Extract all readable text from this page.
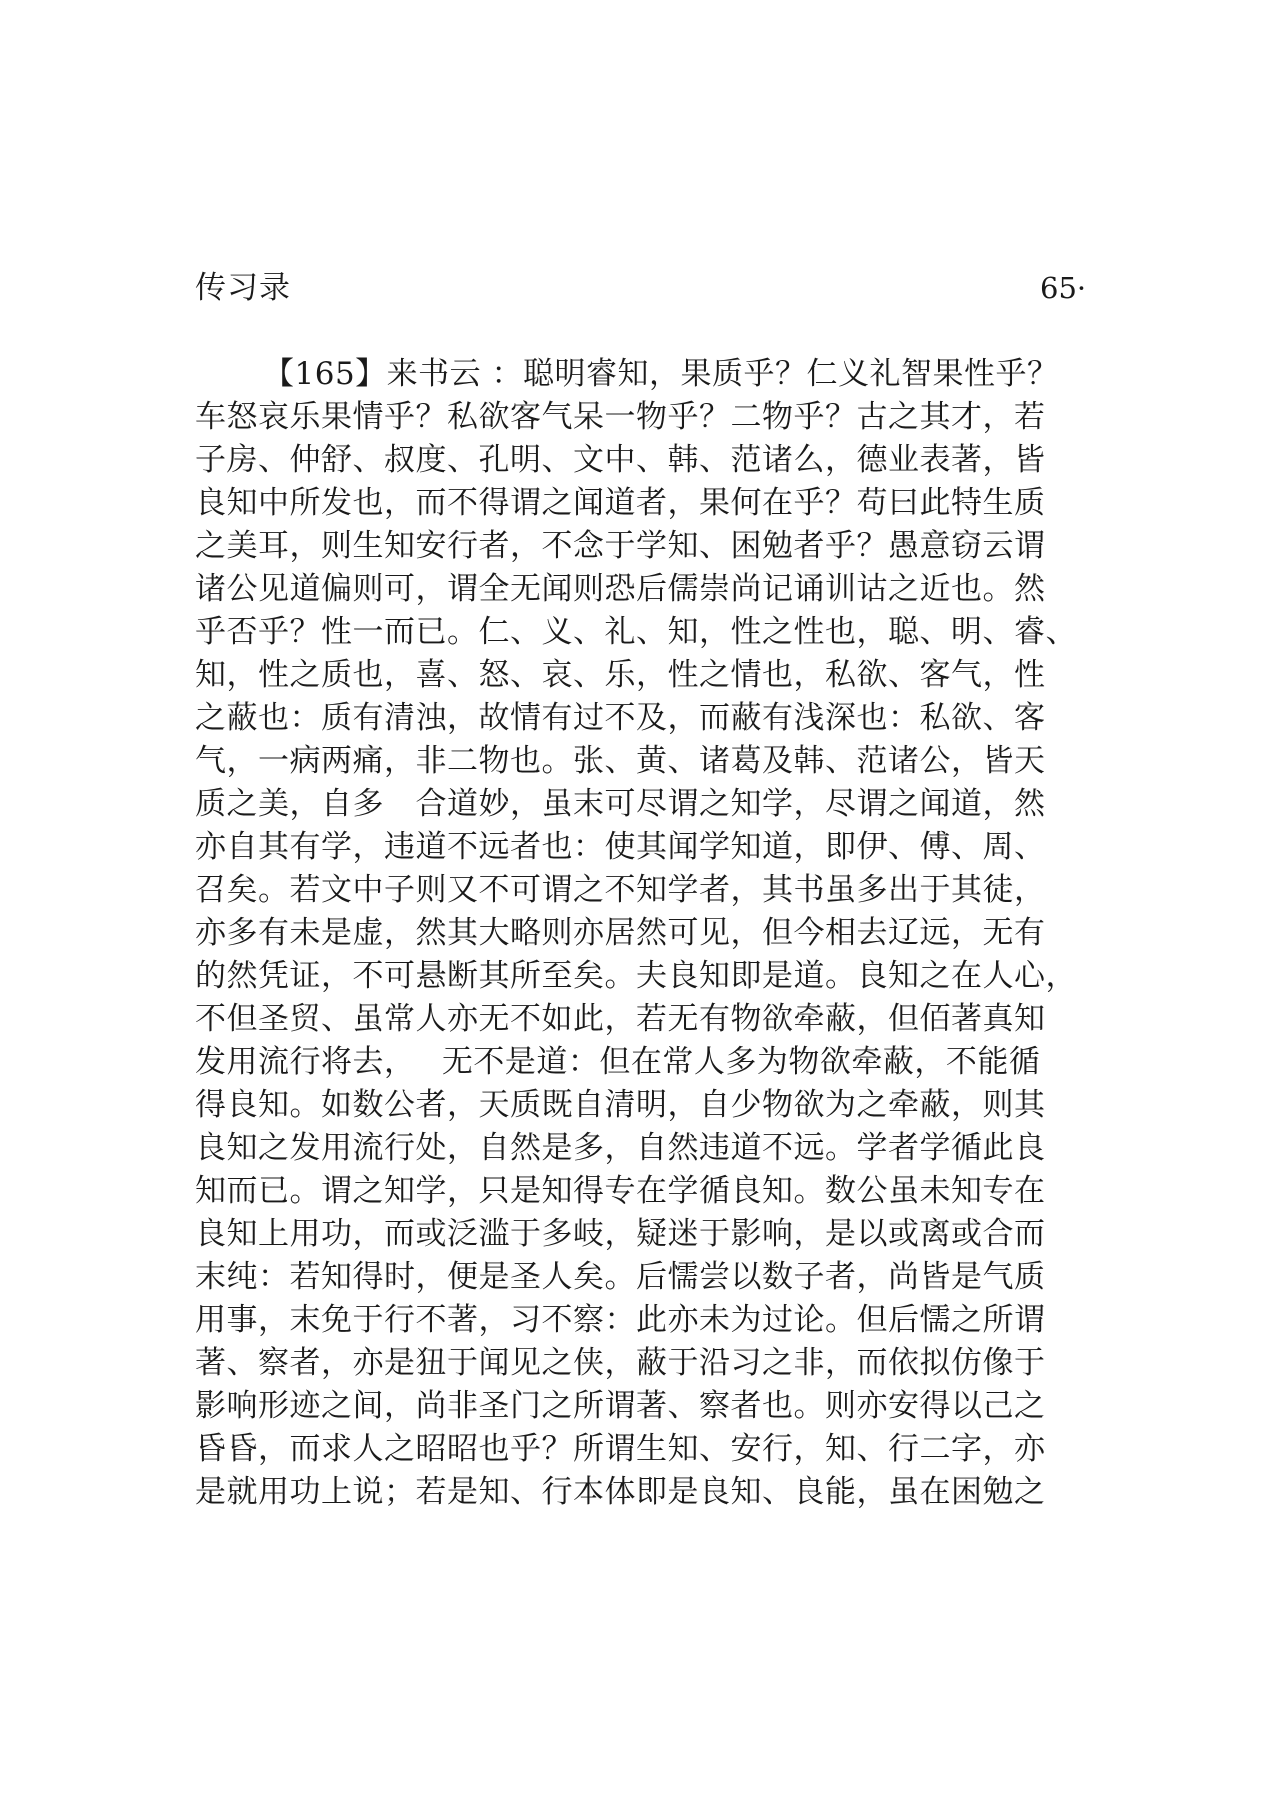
传习录	65·
【165】来书云 ：聪明睿知，果质乎？仁义礼智果性乎？
车怒哀乐果情乎？私欲客气呆一物乎？二物乎？古之其才，若
子房、仲舒、叔度、孔明、文中、韩、范诸么，德业表著，皆
良知中所发也，而不得谓之闻道者，果何在乎？苟曰此特生质
之美耳，则生知安行者，不念于学知、困勉者乎？愚意窃云谓
诸公见道偏则可，谓全无闻则恐后儒崇尚记诵训诂之近也。然
乎否乎？性一而已。仁、义、礼、知，性之性也，聪、明、睿、
知，性之质也，喜、怒、哀、乐，性之情也，私欲、客气，性
之蔽也：质有清浊，故情有过不及，而蔽有浅深也：私欲、客
气，一病两痛，非二物也。张、黄、诸葛及韩、范诸公，皆天
质之美，自多　合道妙，虽末可尽谓之知学，尽谓之闻道，然
亦自其有学，违道不远者也：使其闻学知道，即伊、傅、周、
召矣。若文中子则又不可谓之不知学者，其书虽多出于其徒，
亦多有未是虚，然其大略则亦居然可见，但今相去辽远，无有
的然凭证，不可悬断其所至矣。夫良知即是道。良知之在人心，
不但圣贸、虽常人亦无不如此，若无有物欲牵蔽，但佰著真知
发用流行将去，　 无不是道：但在常人多为物欲牵蔽，不能循
得良知。如数公者，天质既自清明，自少物欲为之牵蔽，则其
良知之发用流行处，自然是多，自然违道不远。学者学循此良
知而已。谓之知学，只是知得专在学循良知。数公虽未知专在
良知上用功，而或泛滥于多岐，疑迷于影响，是以或离或合而
末纯：若知得时，便是圣人矣。后懦尝以数子者，尚皆是气质
用事，末免于行不著，习不察：此亦未为过论。但后懦之所谓
著、察者，亦是狃于闻见之侠，蔽于沿习之非，而依拟仿像于
影响形迹之间，尚非圣门之所谓著、察者也。则亦安得以己之
昏昏，而求人之昭昭也乎？所谓生知、安行，知、行二字，亦
是就用功上说；若是知、行本体即是良知、良能，虽在困勉之
